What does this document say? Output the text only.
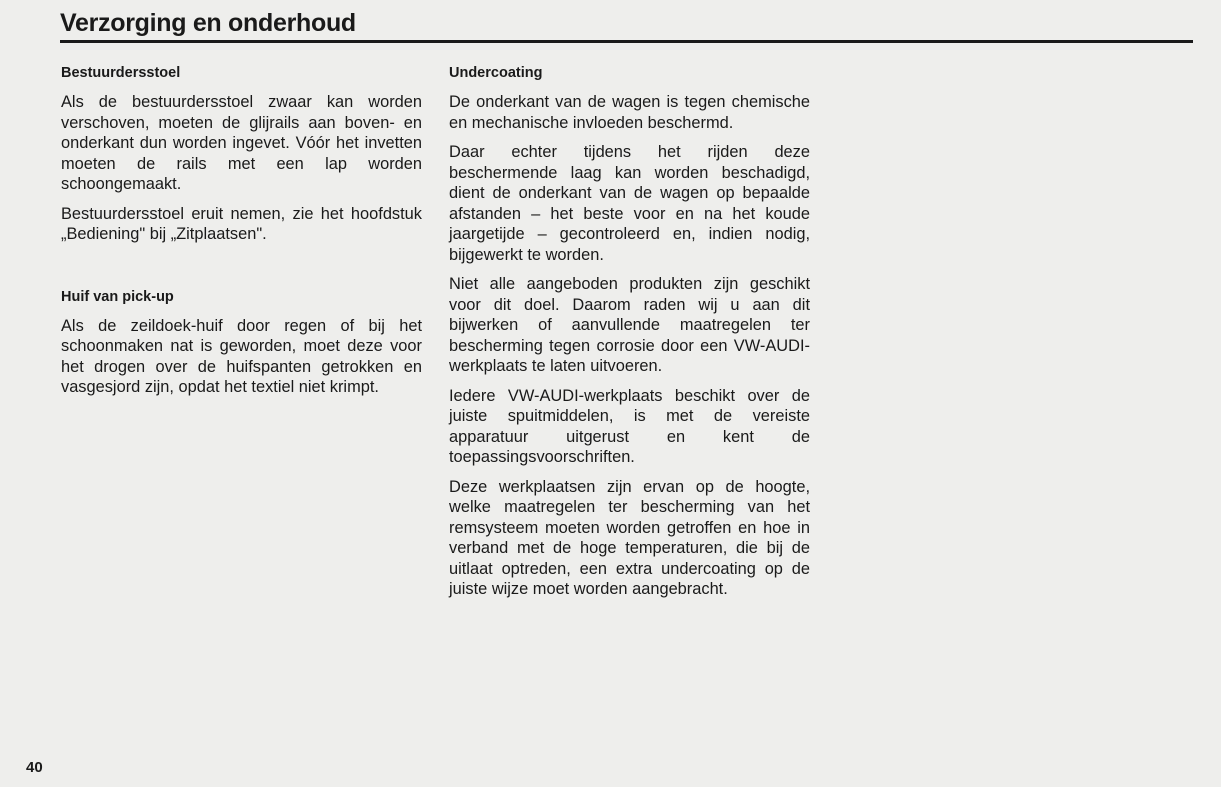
Verzorging en onderhoud
Bestuurdersstoel

Als de bestuurdersstoel zwaar kan worden verschoven, moeten de glijrails aan boven- en onderkant dun worden ingevet. Vóór het invetten moeten de rails met een lap worden schoongemaakt.

Bestuurdersstoel eruit nemen, zie het hoofdstuk „Bediening" bij „Zitplaatsen".

Huif van pick-up

Als de zeildoek-huif door regen of bij het schoonmaken nat is geworden, moet deze voor het drogen over de huifspanten getrokken en vasgesjord zijn, opdat het textiel niet krimpt.

Undercoating

De onderkant van de wagen is tegen chemische en mechanische invloeden beschermd.

Daar echter tijdens het rijden deze beschermende laag kan worden beschadigd, dient de onderkant van de wagen op bepaalde afstanden – het beste voor en na het koude jaargetijde – gecontroleerd en, indien nodig, bijgewerkt te worden.

Niet alle aangeboden produkten zijn geschikt voor dit doel. Daarom raden wij u aan dit bijwerken of aanvullende maatregelen ter bescherming tegen corrosie door een VW-AUDI-werkplaats te laten uitvoeren.

Iedere VW-AUDI-werkplaats beschikt over de juiste spuitmiddelen, is met de vereiste apparatuur uitgerust en kent de toepassingsvoorschriften.

Deze werkplaatsen zijn ervan op de hoogte, welke maatregelen ter bescherming van het remsysteem moeten worden getroffen en hoe in verband met de hoge temperaturen, die bij de uitlaat optreden, een extra undercoating op de juiste wijze moet worden aangebracht.

40
